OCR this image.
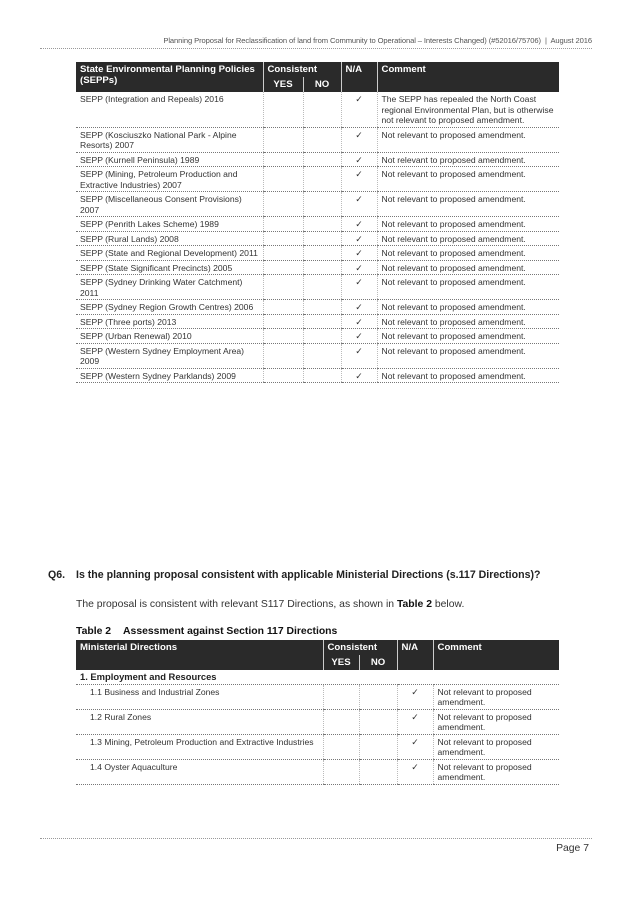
Planning Proposal for Reclassification of land from Community to Operational – Interests Changed) (#52016/75706) | August 2016
State Environmental Planning Policies (SEPPs)	Consistent		N/A	Comment
	YES	NO		
SEPP (Integration and Repeals) 2016			✓	The SEPP has repealed the North Coast regional Environmental Plan, but is otherwise not relevant to proposed amendment.
SEPP (Kosciuszko National Park - Alpine Resorts) 2007			✓	Not relevant to proposed amendment.
SEPP (Kurnell Peninsula) 1989			✓	Not relevant to proposed amendment.
SEPP (Mining, Petroleum Production and Extractive Industries) 2007			✓	Not relevant to proposed amendment.
SEPP (Miscellaneous Consent Provisions) 2007			✓	Not relevant to proposed amendment.
SEPP (Penrith Lakes Scheme) 1989			✓	Not relevant to proposed amendment.
SEPP (Rural Lands) 2008			✓	Not relevant to proposed amendment.
SEPP (State and Regional Development) 2011			✓	Not relevant to proposed amendment.
SEPP (State Significant Precincts) 2005			✓	Not relevant to proposed amendment.
SEPP (Sydney Drinking Water Catchment) 2011			✓	Not relevant to proposed amendment.
SEPP (Sydney Region Growth Centres) 2006			✓	Not relevant to proposed amendment.
SEPP (Three ports) 2013			✓	Not relevant to proposed amendment.
SEPP (Urban Renewal) 2010			✓	Not relevant to proposed amendment.
SEPP (Western Sydney Employment Area) 2009			✓	Not relevant to proposed amendment.
SEPP (Western Sydney Parklands) 2009			✓	Not relevant to proposed amendment.
Q6. Is the planning proposal consistent with applicable Ministerial Directions (s.117 Directions)?
The proposal is consistent with relevant S117 Directions, as shown in Table 2 below.
Table 2 Assessment against Section 117 Directions
Ministerial Directions	Consistent		N/A	Comment
	YES	NO		
1. Employment and Resources				
1.1 Business and Industrial Zones			✓	Not relevant to proposed amendment.
1.2 Rural Zones			✓	Not relevant to proposed amendment.
1.3 Mining, Petroleum Production and Extractive Industries			✓	Not relevant to proposed amendment.
1.4 Oyster Aquaculture			✓	Not relevant to proposed amendment.
Page 7
